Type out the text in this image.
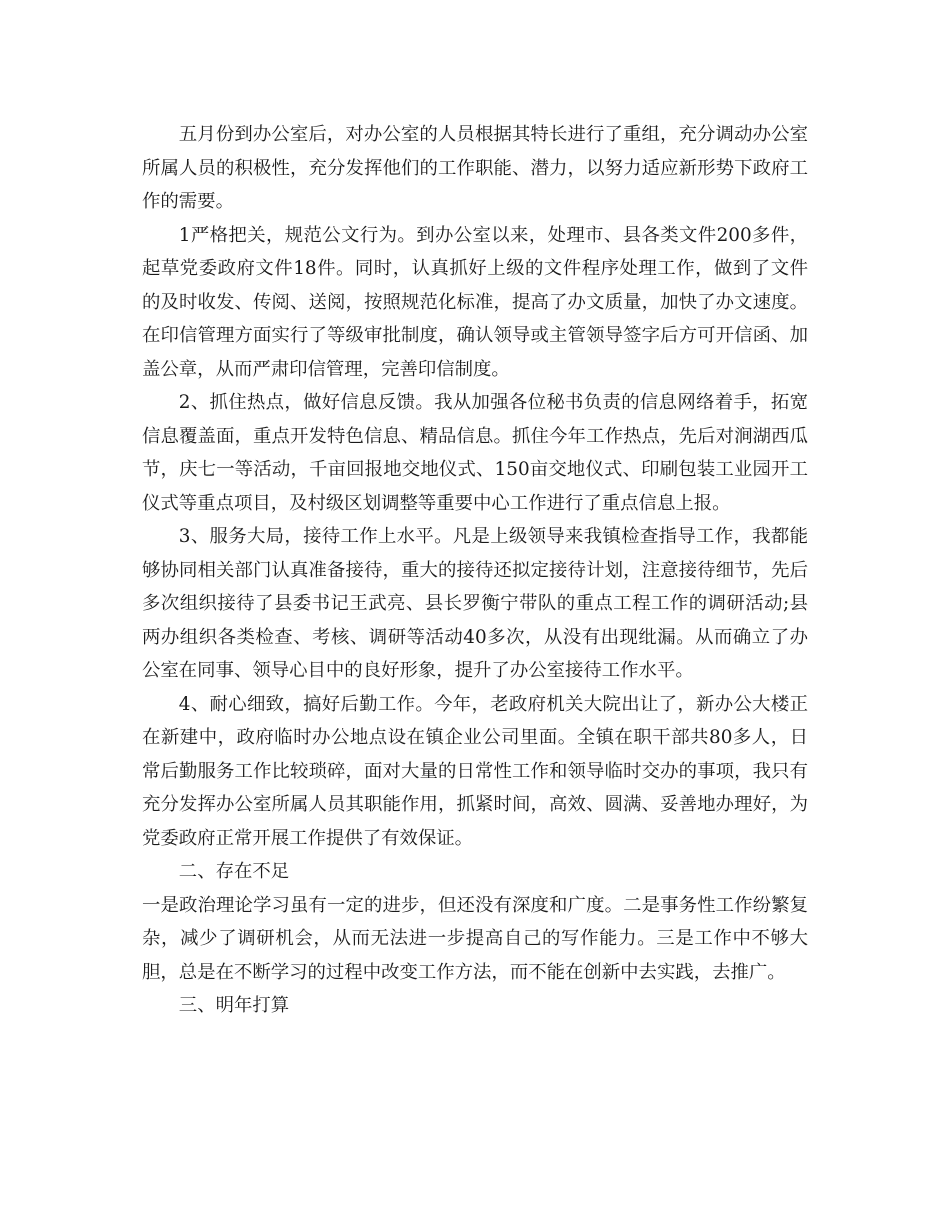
五月份到办公室后，对办公室的人员根据其特长进行了重组，充分调动办公室所属人员的积极性，充分发挥他们的工作职能、潜力，以努力适应新形势下政府工作的需要。

1严格把关，规范公文行为。到办公室以来，处理市、县各类文件200多件，起草党委政府文件18件。同时，认真抓好上级的文件程序处理工作，做到了文件的及时收发、传阅、送阅，按照规范化标准，提高了办文质量，加快了办文速度。在印信管理方面实行了等级审批制度，确认领导或主管领导签字后方可开信函、加盖公章，从而严肃印信管理，完善印信制度。

2、抓住热点，做好信息反馈。我从加强各位秘书负责的信息网络着手，拓宽信息覆盖面，重点开发特色信息、精品信息。抓住今年工作热点，先后对涧湖西瓜节，庆七一等活动，千亩回报地交地仪式、150亩交地仪式、印刷包装工业园开工仪式等重点项目，及村级区划调整等重要中心工作进行了重点信息上报。

3、服务大局，接待工作上水平。凡是上级领导来我镇检查指导工作，我都能够协同相关部门认真准备接待，重大的接待还拟定接待计划，注意接待细节，先后多次组织接待了县委书记王武亮、县长罗衡宁带队的重点工程工作的调研活动;县两办组织各类检查、考核、调研等活动40多次，从没有出现纰漏。从而确立了办公室在同事、领导心目中的良好形象，提升了办公室接待工作水平。

4、耐心细致，搞好后勤工作。今年，老政府机关大院出让了，新办公大楼正在新建中，政府临时办公地点设在镇企业公司里面。全镇在职干部共80多人，日常后勤服务工作比较琐碎，面对大量的日常性工作和领导临时交办的事项，我只有充分发挥办公室所属人员其职能作用，抓紧时间，高效、圆满、妥善地办理好，为党委政府正常开展工作提供了有效保证。

二、存在不足

一是政治理论学习虽有一定的进步，但还没有深度和广度。二是事务性工作纷繁复杂，减少了调研机会，从而无法进一步提高自己的写作能力。三是工作中不够大胆，总是在不断学习的过程中改变工作方法，而不能在创新中去实践，去推广。

三、明年打算
